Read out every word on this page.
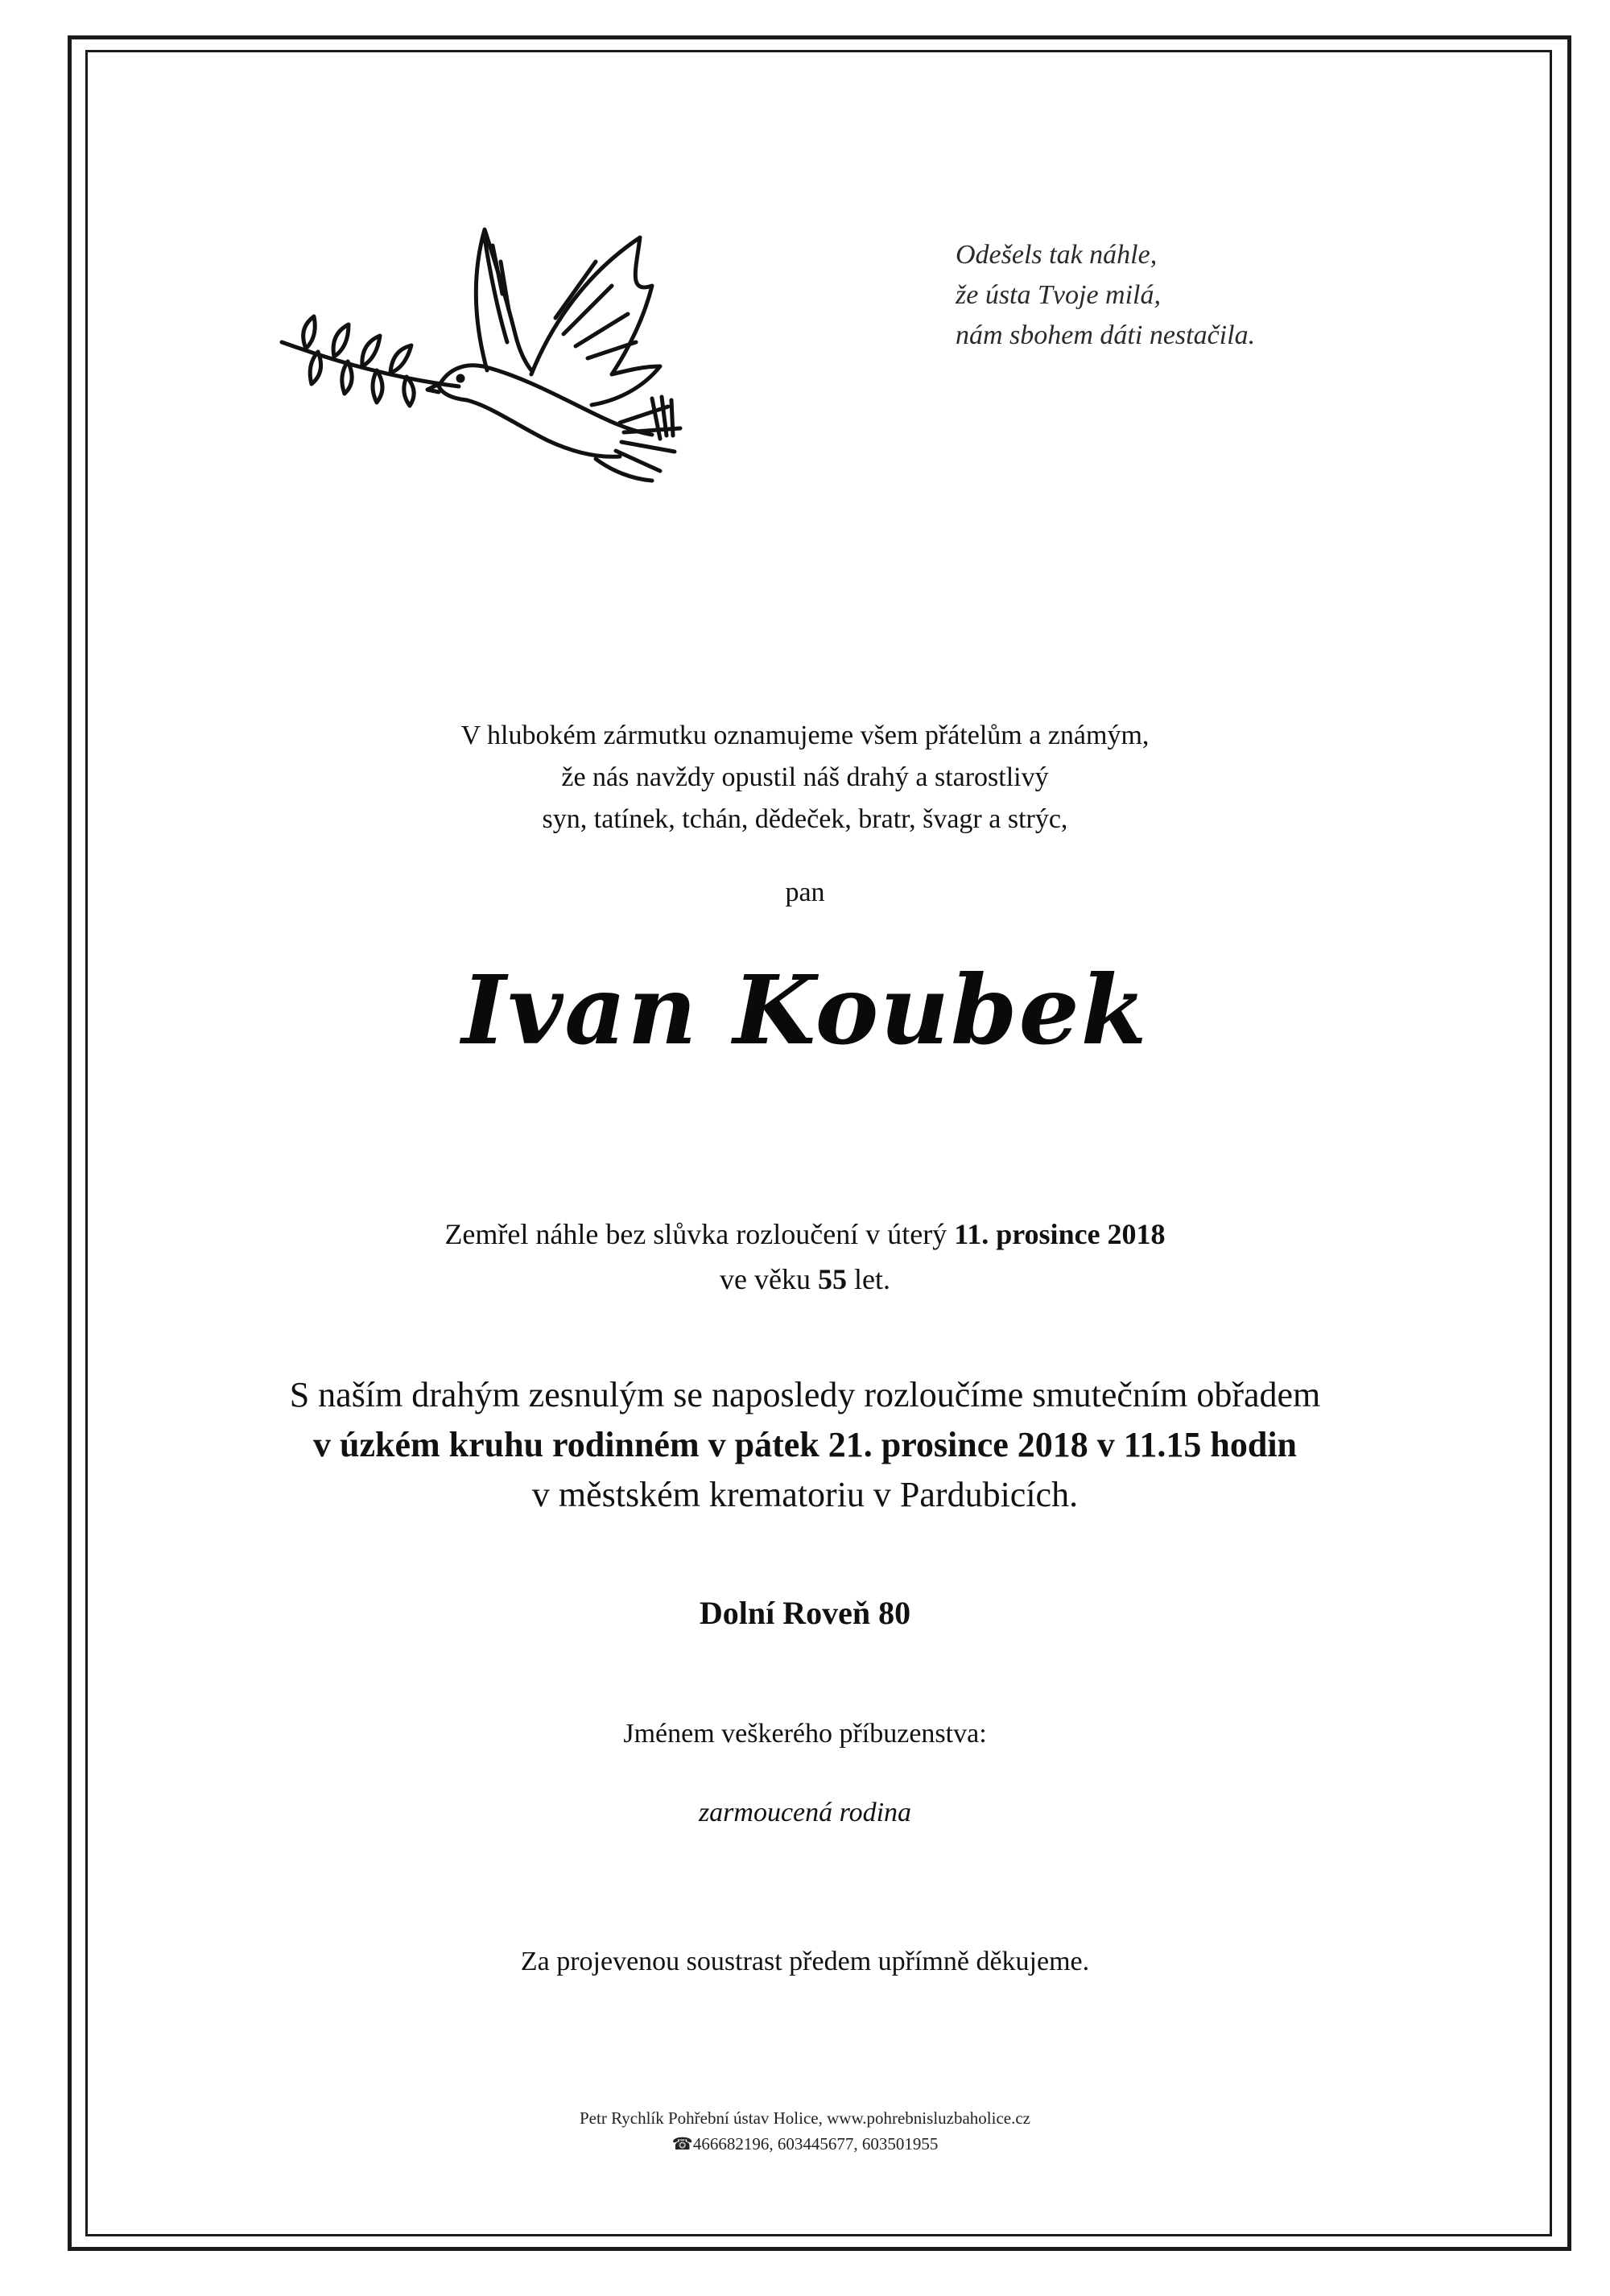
Odešels tak náhle,
že ústa Tvoje milá,
nám sbohem dáti nestačila.
V hlubokém zármutku oznamujeme všem přátelům a známým,
že nás navždy opustil náš drahý a starostlivý
syn, tatínek, tchán, dědeček, bratr, švagr a strýc,
pan
Ivan Koubek
Zemřel náhle bez slůvka rozloučení v úterý 11. prosince 2018
ve věku 55 let.
S naším drahým zesnulým se naposledy rozloučíme smutečním obřadem
v úzkém kruhu rodinném v pátek 21. prosince 2018 v 11.15 hodin
v městském krematoriu v Pardubicích.
Dolní Roveň 80
Jménem veškerého příbuzenstva:
zarmoucená rodina
Za projevenou soustrast předem upřímně děkujeme.
Petr Rychlík Pohřební ústav Holice, www.pohrebnisluzbaholice.cz
☎466682196, 603445677, 603501955
